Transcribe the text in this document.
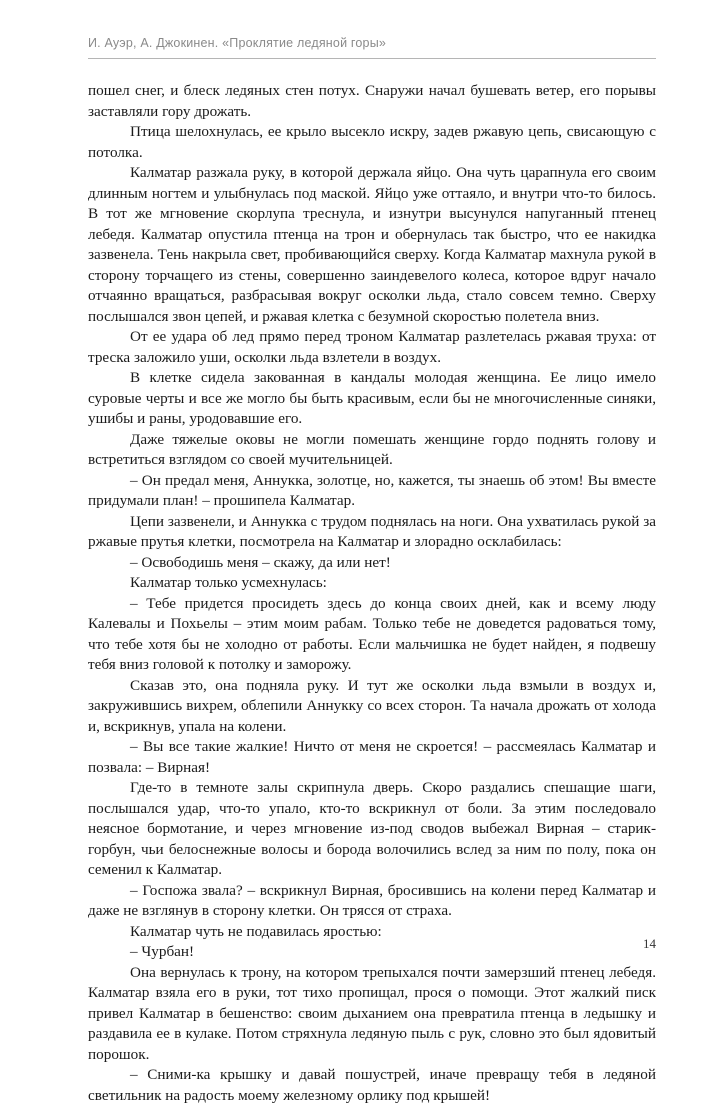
И. Ауэр, А. Джокинен. «Проклятие ледяной горы»

пошел снег, и блеск ледяных стен потух. Снаружи начал бушевать ветер, его порывы заставляли гору дрожать.

Птица шелохнулась, ее крыло высекло искру, задев ржавую цепь, свисающую с потолка.

Калматар разжала руку, в которой держала яйцо. Она чуть царапнула его своим длинным ногтем и улыбнулась под маской. Яйцо уже оттаяло, и внутри что-то билось. В тот же мгновение скорлупа треснула, и изнутри высунулся напуганный птенец лебедя. Калматар опустила птенца на трон и обернулась так быстро, что ее накидка зазвенела. Тень накрыла свет, пробивающийся сверху. Когда Калматар махнула рукой в сторону торчащего из стены, совершенно заиндевелого колеса, которое вдруг начало отчаянно вращаться, разбрасывая вокруг осколки льда, стало совсем темно. Сверху послышался звон цепей, и ржавая клетка с безумной скоростью полетела вниз.

От ее удара об лед прямо перед троном Калматар разлетелась ржавая труха: от треска заложило уши, осколки льда взлетели в воздух.

В клетке сидела закованная в кандалы молодая женщина. Ее лицо имело суровые черты и все же могло бы быть красивым, если бы не многочисленные синяки, ушибы и раны, уродовавшие его.

Даже тяжелые оковы не могли помешать женщине гордо поднять голову и встретиться взглядом со своей мучительницей.

– Он предал меня, Аннукка, золотце, но, кажется, ты знаешь об этом! Вы вместе придумали план! – прошипела Калматар.

Цепи зазвенели, и Аннукка с трудом поднялась на ноги. Она ухватилась рукой за ржавые прутья клетки, посмотрела на Калматар и злорадно осклабилась:

– Освободишь меня – скажу, да или нет!

Калматар только усмехнулась:

– Тебе придется просидеть здесь до конца своих дней, как и всему люду Калевалы и Похьелы – этим моим рабам. Только тебе не доведется радоваться тому, что тебе хотя бы не холодно от работы. Если мальчишка не будет найден, я подвешу тебя вниз головой к потолку и заморожу.

Сказав это, она подняла руку. И тут же осколки льда взмыли в воздух и, закружившись вихрем, облепили Аннукку со всех сторон. Та начала дрожать от холода и, вскрикнув, упала на колени.

– Вы все такие жалкие! Ничто от меня не скроется! – рассмеялась Калматар и позвала: – Вирная!

Где-то в темноте залы скрипнула дверь. Скоро раздались спешащие шаги, послышался удар, что-то упало, кто-то вскрикнул от боли. За этим последовало неясное бормотание, и через мгновение из-под сводов выбежал Вирная – старик-горбун, чьи белоснежные волосы и борода волочились вслед за ним по полу, пока он семенил к Калматар.

– Госпожа звала? – вскрикнул Вирная, бросившись на колени перед Калматар и даже не взглянув в сторону клетки. Он трясся от страха.

Калматар чуть не подавилась яростью:

– Чурбан!

Она вернулась к трону, на котором трепыхался почти замерзший птенец лебедя. Калматар взяла его в руки, тот тихо пропищал, прося о помощи. Этот жалкий писк привел Калматар в бешенство: своим дыханием она превратила птенца в ледышку и раздавила ее в кулаке. Потом стряхнула ледяную пыль с рук, словно это был ядовитый порошок.

– Сними-ка крышку и давай пошустрей, иначе превращу тебя в ледяной светильник на радость моему железному орлику под крышей!

14
